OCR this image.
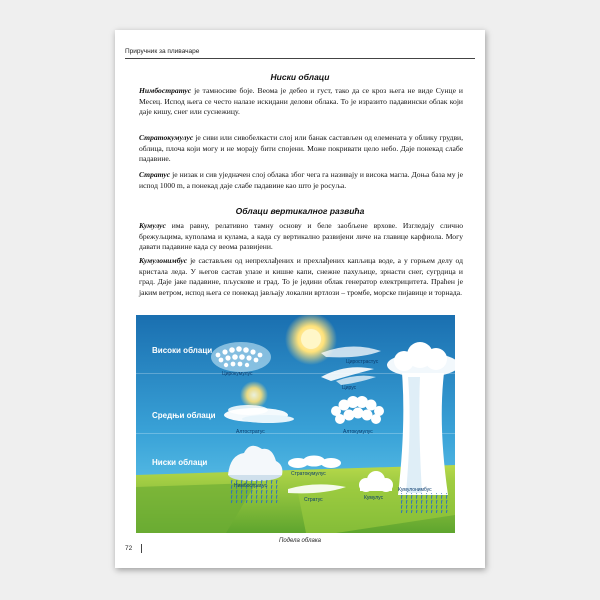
Приручник за пливачаре
Ниски облаци

Нимбостратус је тамносиве боје. Веома је дебео и густ, тако да се кроз њега не виде Сунце и Месец. Испод њега се често налазе искидани делови облака. То је изразито падавински облак који даје кишу, снег или суснежицу.

Стратокумулус је сиви или сивобелкасти слој или банак састављен од елемената у облику грудви, облица, плоча који могу и не морају бити спојени. Може покривати цело небо. Даје понекад слабе падавине.

Стратус је низак и сив уједначен слој облака због чега га називају и висока магла. Доња база му је испод 1000 m, а понекад даје слабе падавине као што је росуља.

Облаци вертикалног развића

Кумулус има равну, релативно тамну основу и беле заобљене врхове. Изгледају слично брежуљцима, куполама и кулама, а када су вертикално развијени личе на главице карфиола. Могу давати падавине када су веома развијени.

Кумулонимбус је састављен од непрехлађених и прехлађених капљица воде, а у горњем делу од кристала леда. У његов састав улазе и кишне капи, снежне пахуљице, зрнасти снег, сугрдица и град. Даје јаке падавине, пљускове и град. То је једини облак генератор електрицитета. Праћен је јаким ветром, испод њега се понекад јављају локални вртлози – тромбе, морске пијавице и торнада.

Високи облаци
Средњи облаци
Ниски облаци
Цирострастус
Цирокумулус
Цирус
Алтостратус	Алтокумулус
Стратокумулус
Нимбостратус
Стратус	Кумулус
Кумулонимбус
Подела облака
72
